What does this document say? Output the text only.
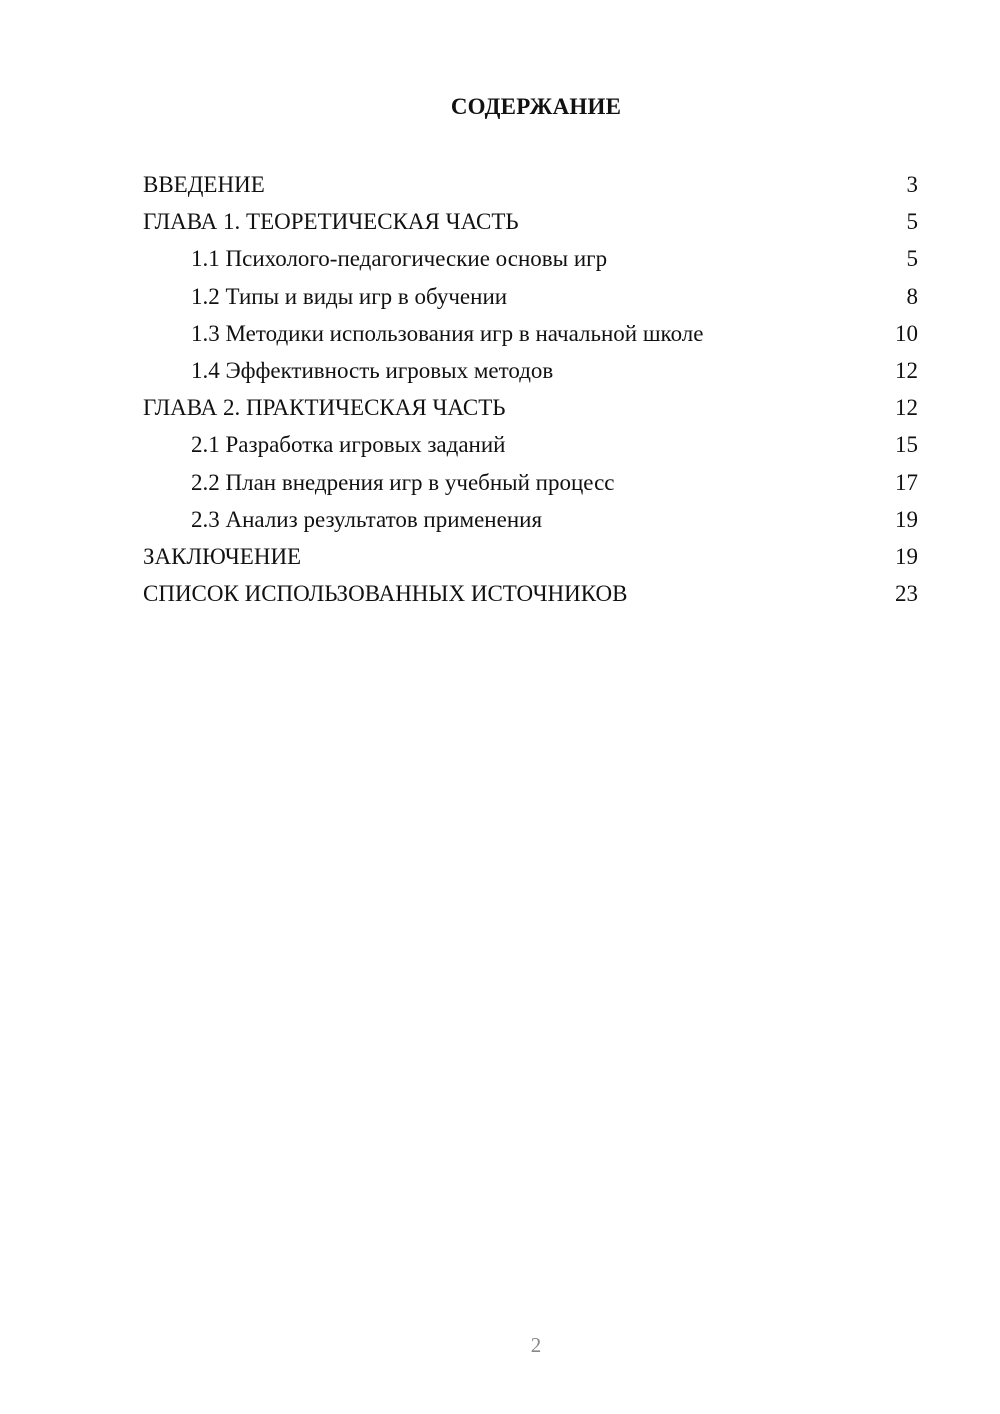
СОДЕРЖАНИЕ
ВВЕДЕНИЕ	3
ГЛАВА 1. ТЕОРЕТИЧЕСКАЯ ЧАСТЬ	5
1.1 Психолого-педагогические основы игр	5
1.2 Типы и виды игр в обучении	8
1.3 Методики использования игр в начальной школе	10
1.4 Эффективность игровых методов	12
ГЛАВА 2. ПРАКТИЧЕСКАЯ ЧАСТЬ	12
2.1 Разработка игровых заданий	15
2.2 План внедрения игр в учебный процесс	17
2.3 Анализ результатов применения	19
ЗАКЛЮЧЕНИЕ	19
СПИСОК ИСПОЛЬЗОВАННЫХ ИСТОЧНИКОВ	23
2
